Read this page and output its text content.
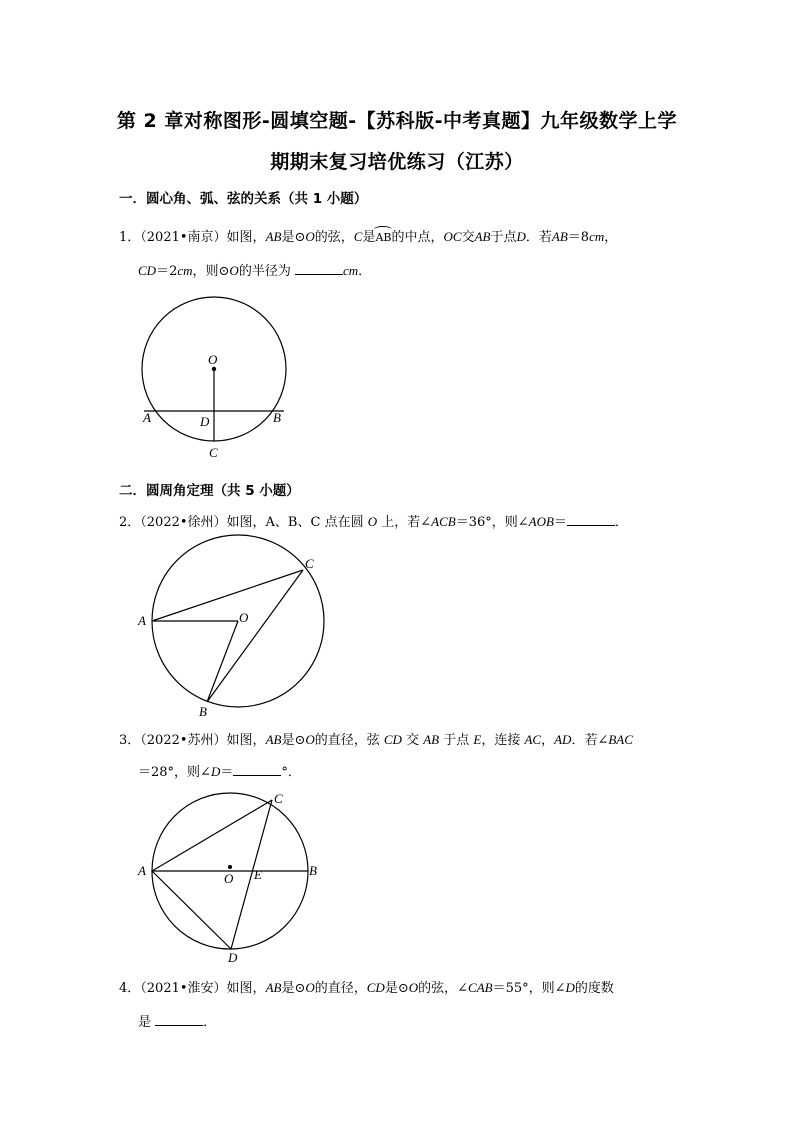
第 2 章对称图形-圆填空题-【苏科版-中考真题】九年级数学上学
期期末复习培优练习（江苏）
一．圆心角、弧、弦的关系（共 1 小题）
1．（2021•南京）如图，AB是⊙O的弦，C是AB的中点，OC交AB于点D．若AB＝8cm，
CD＝2cm，则⊙O的半径为	cm．
O
A	B
D
C
A
B
C
O
A	B
C
D
O E
二．圆周角定理（共 5 小题）
2．（2022•徐州）如图，A、B、C 点在圆 O 上，若∠ACB＝36°，则∠AOB＝	．
3．（2022•苏州）如图，AB是⊙O的直径，弦 CD 交 AB 于点 E，连接 AC，AD．若∠BAC
＝28°，则∠D＝	°．
4．（2021•淮安）如图，AB是⊙O的直径，CD是⊙O的弦，∠CAB＝55°，则∠D的度数
是	．
